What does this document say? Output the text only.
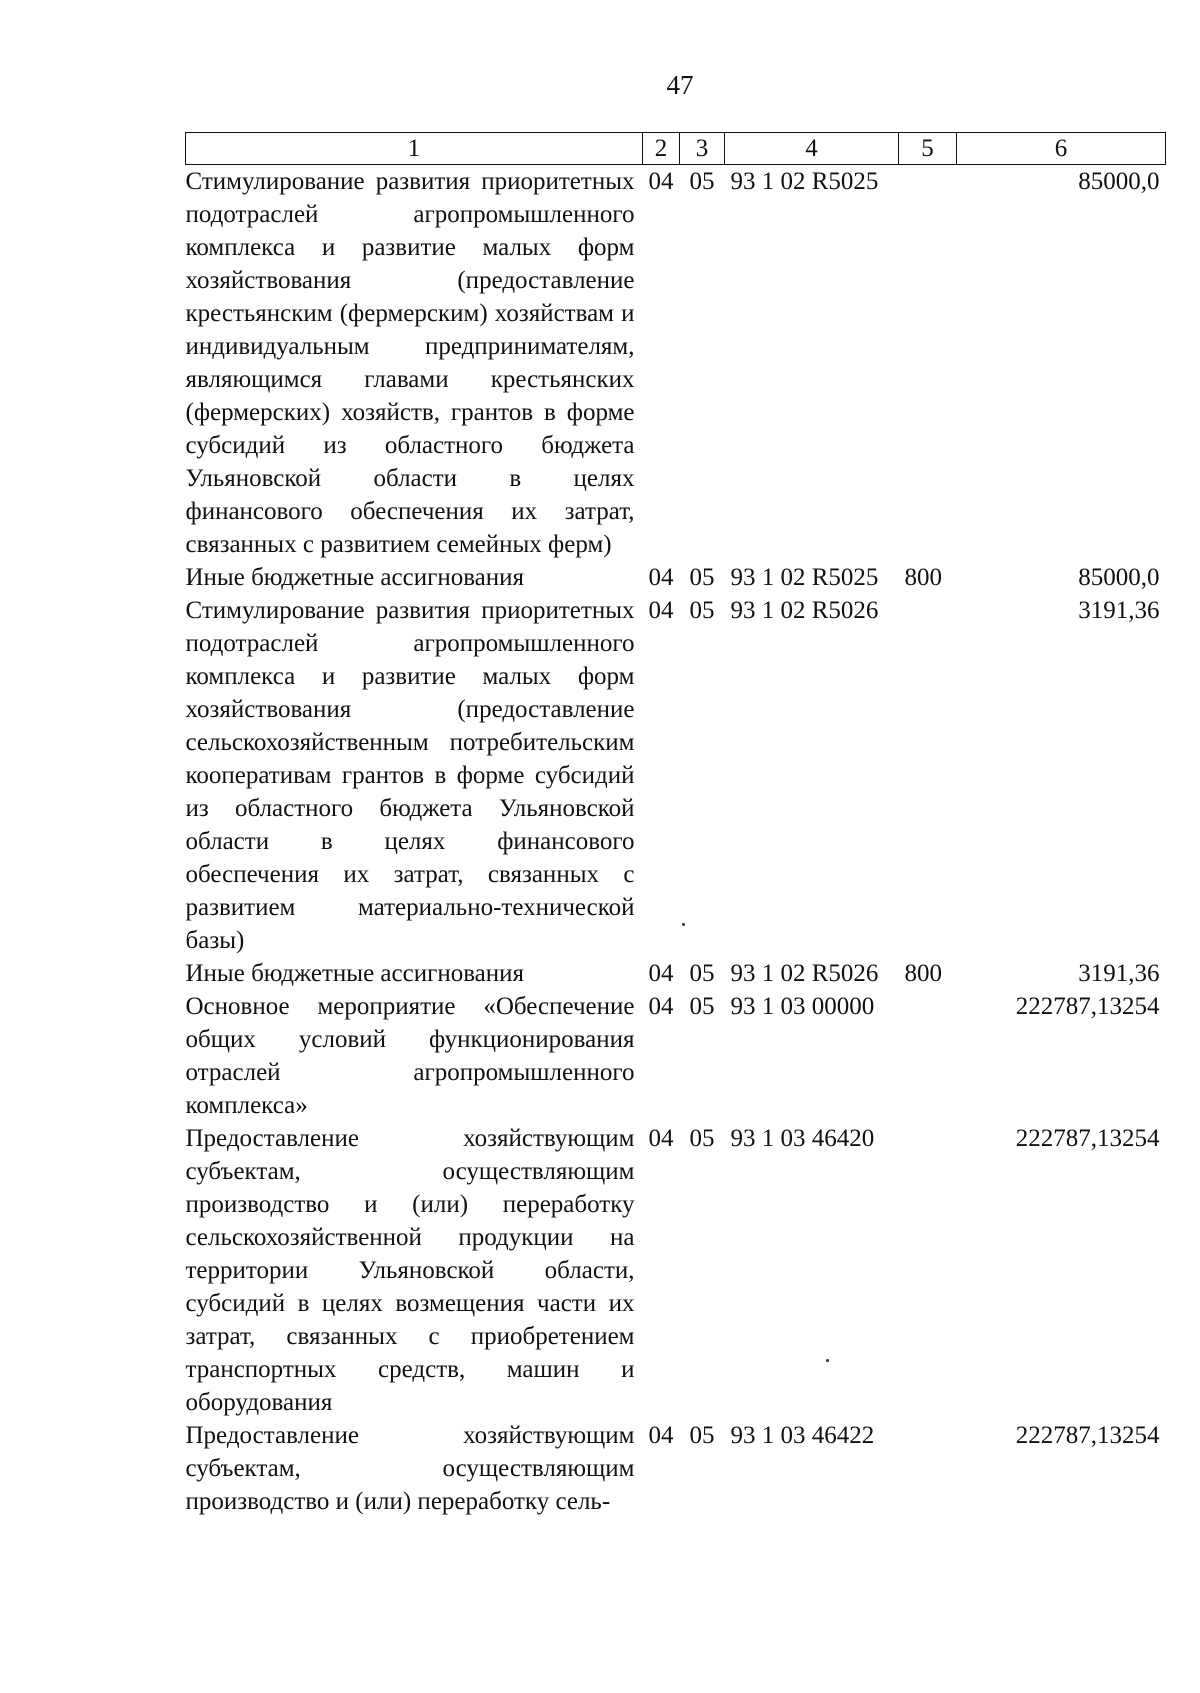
47
1	2	3	4	5	6
Стимулирование развития приоритетных подотраслей агропромышленного комплекса и развитие малых форм хозяйствования (предоставление крестьянским (фермерским) хозяйствам и индивидуальным предпринимателям, являющимся главами крестьянских (фермерских) хозяйств, грантов в форме субсидий из областного бюджета Ульяновской области в целях финансового обеспечения их затрат, связанных с развитием семейных ферм)	04	05	93 1 02 R5025		85000,0
Иные бюджетные ассигнования	04	05	93 1 02 R5025	800	85000,0
Стимулирование развития приоритетных подотраслей агропромышленного комплекса и развитие малых форм хозяйствования (предоставление сельскохозяйственным потребительским кооперативам грантов в форме субсидий из областного бюджета Ульяновской области в целях финансового обеспечения их затрат, связанных с развитием материально-технической базы)	04	05	93 1 02 R5026		3191,36
Иные бюджетные ассигнования	04	05	93 1 02 R5026	800	3191,36
Основное мероприятие «Обеспечение общих условий функционирования отраслей агропромышленного комплекса»	04	05	93 1 03 00000		222787,13254
Предоставление хозяйствующим субъектам, осуществляющим производство и (или) переработку сельскохозяйственной продукции на территории Ульяновской области, субсидий в целях возмещения части их затрат, связанных с приобретением транспортных средств, машин и оборудования	04	05	93 1 03 46420		222787,13254
Предоставление хозяйствующим субъектам, осуществляющим производство и (или) переработку сель-	04	05	93 1 03 46422		222787,13254
